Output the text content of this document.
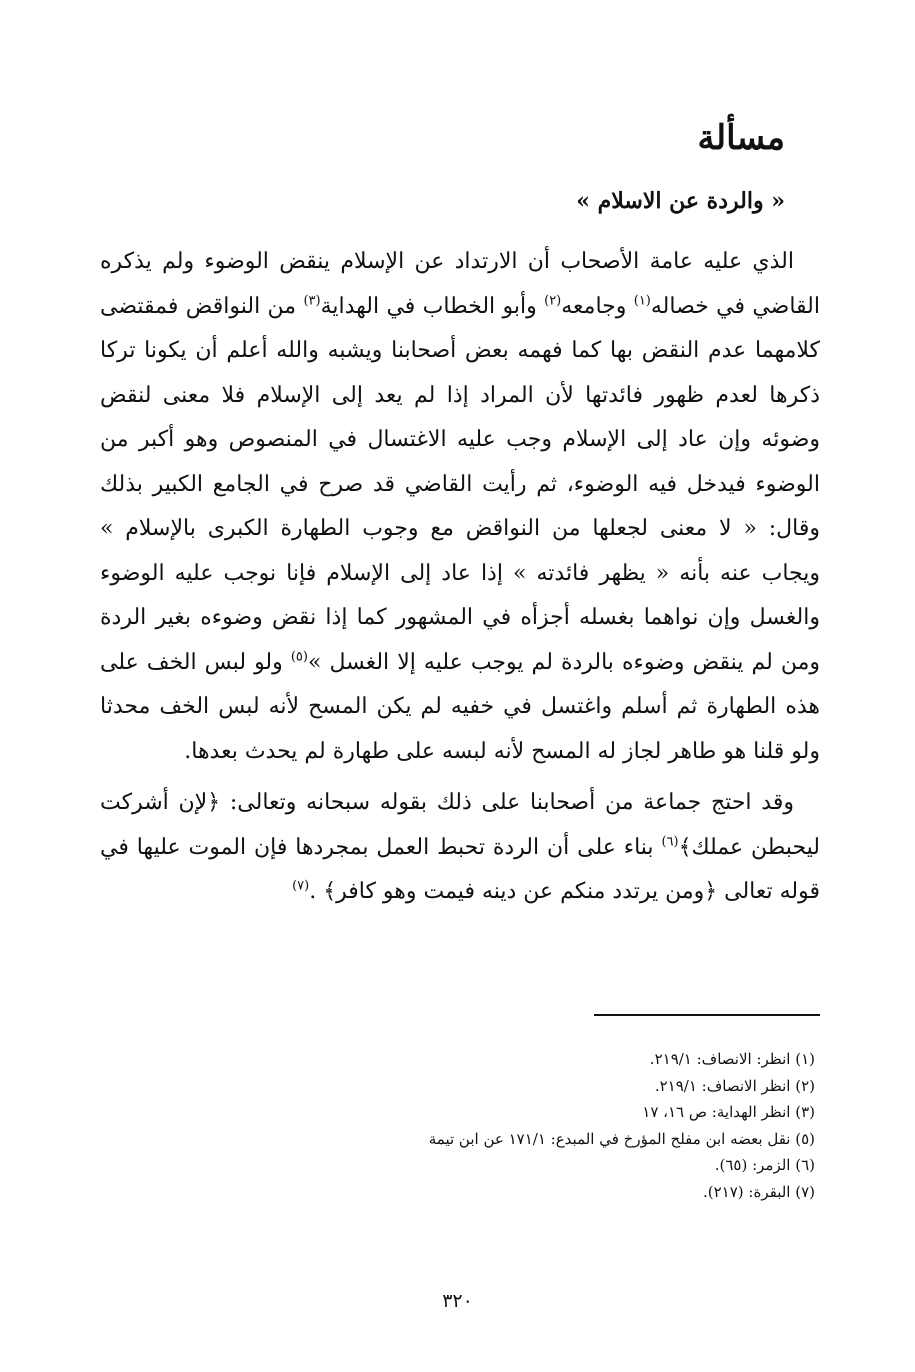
مسألة
« والردة عن الاسلام »

الذي عليه عامة الأصحاب أن الارتداد عن الإسلام ينقض الوضوء ولم يذكره القاضي في خصاله$^{(١)}$ وجامعه$^{(٢)}$ وأبو الخطاب في الهداية$^{(٣)}$ من النواقض فمقتضى كلامهما عدم النقض بها كما فهمه بعض أصحابنا ويشبه والله أعلم أن يكونا تركا ذكرها لعدم ظهور فائدتها لأن المراد إذا لم يعد إلى الإسلام فلا معنى لنقض وضوئه وإن عاد إلى الإسلام وجب عليه الاغتسال في المنصوص وهو أكبر من الوضوء فيدخل فيه الوضوء، ثم رأيت القاضي قد صرح في الجامع الكبير بذلك وقال: « لا معنى لجعلها من النواقض مع وجوب الطهارة الكبرى بالإسلام » ويجاب عنه بأنه « يظهر فائدته » إذا عاد إلى الإسلام فإنا نوجب عليه الوضوء والغسل وإن نواهما بغسله أجزأه في المشهور كما إذا نقض وضوءه بغير الردة ومن لم ينقض وضوءه بالردة لم يوجب عليه إلا الغسل »$^{(٥)}$ ولو لبس الخف على هذه الطهارة ثم أسلم واغتسل في خفيه لم يكن المسح لأنه لبس الخف محدثا ولو قلنا هو طاهر لجاز له المسح لأنه لبسه على طهارة لم يحدث بعدها.

وقد احتج جماعة من أصحابنا على ذلك بقوله سبحانه وتعالى: ﴿لإن أشركت ليحبطن عملك﴾$^{(٦)}$ بناء على أن الردة تحبط العمل بمجردها فإن الموت عليها في قوله تعالى ﴿ومن يرتدد منكم عن دينه فيمت وهو كافر﴾ .$^{(٧)}$

(١) انظر: الانصاف: ٢١٩/١.
(٢) انظر الانصاف: ٢١٩/١.
(٣) انظر الهداية: ص ١٦، ١٧
(٥) نقل بعضه ابن مفلح المؤرخ في المبدع: ١٧١/١ عن ابن تيمة
(٦) الزمر: (٦٥).
(٧) البقرة: (٢١٧).
٣٢٠
